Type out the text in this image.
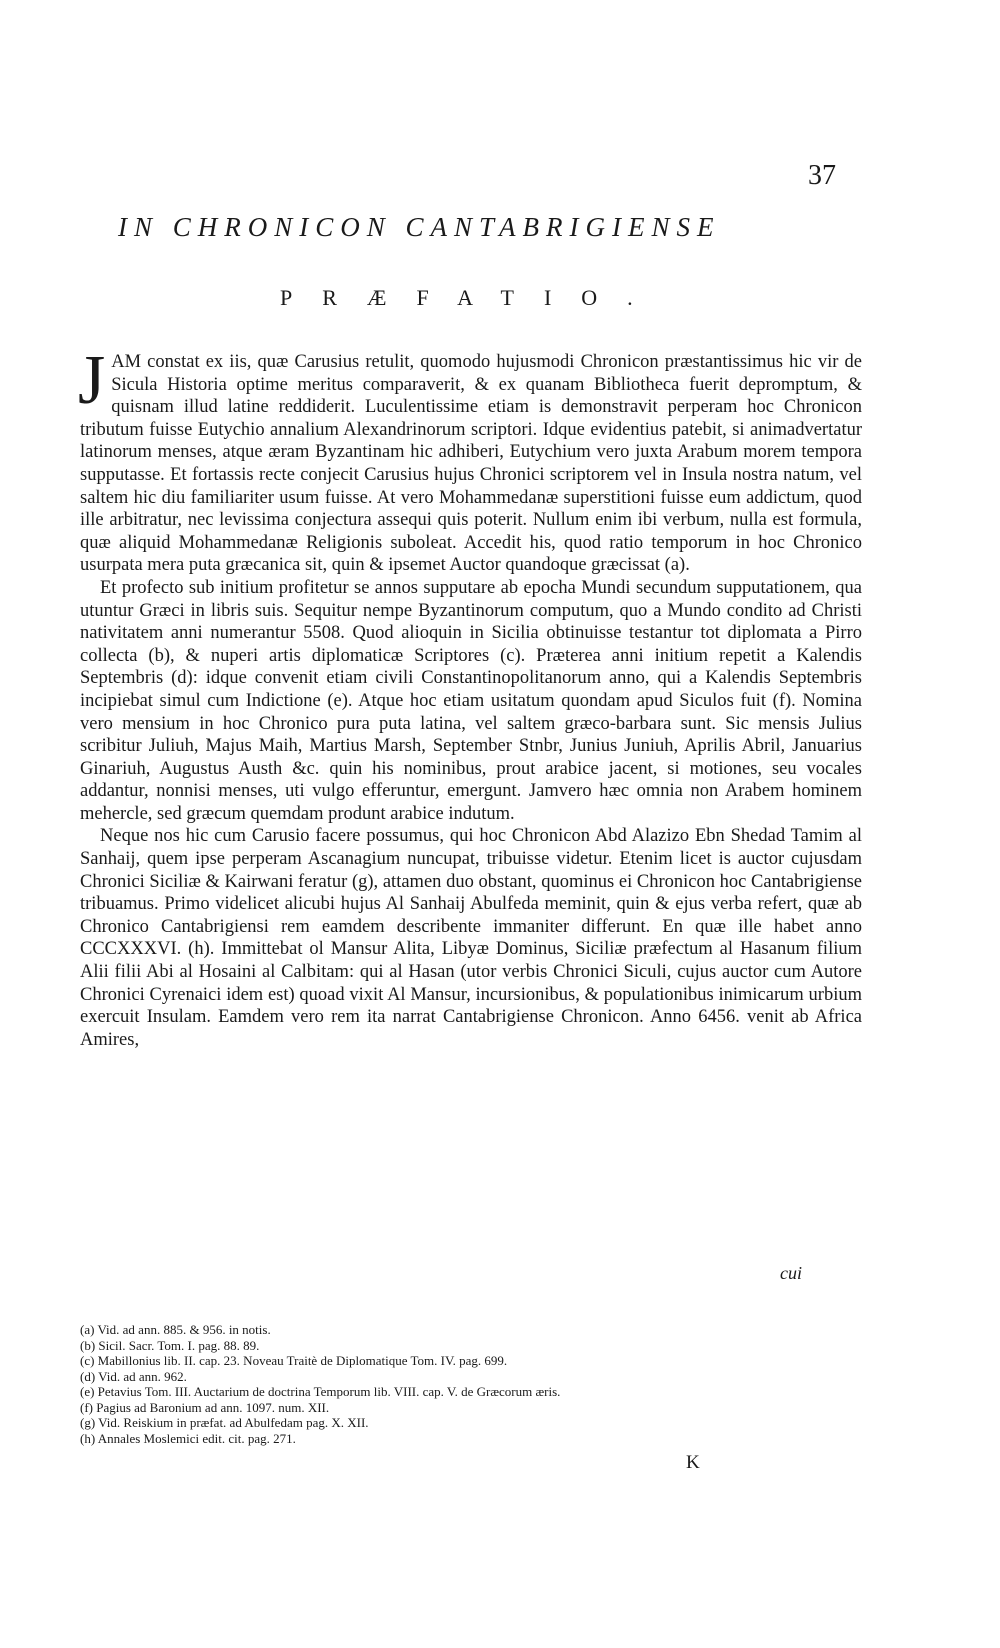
37
IN CHRONICON CANTABRIGIENSE
PRÆFATIO.

JAM constat ex iis, quæ Carusius retulit, quomodo hujusmodi Chronicon præstantissimus hic vir de Sicula Historia optime meritus comparaverit, & ex quanam Bibliotheca fuerit depromptum, & quisnam illud latine reddiderit. Luculentissime etiam is demonstravit perperam hoc Chronicon tributum fuisse Eutychio annalium Alexandrinorum scriptori. Idque evidentius patebit, si animadvertatur latinorum menses, atque æram Byzantinam hic adhiberi, Eutychium vero juxta Arabum morem tempora supputasse. Et fortassis recte conjecit Carusius hujus Chronici scriptorem vel in Insula nostra natum, vel saltem hic diu familiariter usum fuisse. At vero Mohammedanæ superstitioni fuisse eum addictum, quod ille arbitratur, nec levissima conjectura assequi quis poterit. Nullum enim ibi verbum, nulla est formula, quæ aliquid Mohammedanæ Religionis suboleat. Accedit his, quod ratio temporum in hoc Chronico usurpata mera puta græcanica sit, quin & ipsemet Auctor quandoque græcissat (a).

Et profecto sub initium profitetur se annos supputare ab epocha Mundi secundum supputationem, qua utuntur Græci in libris suis. Sequitur nempe Byzantinorum computum, quo a Mundo condito ad Christi nativitatem anni numerantur 5508. Quod alioquin in Sicilia obtinuisse testantur tot diplomata a Pirro collecta (b), & nuperi artis diplomaticæ Scriptores (c). Præterea anni initium repetit a Kalendis Septembris (d): idque convenit etiam civili Constantinopolitanorum anno, qui a Kalendis Septembris incipiebat simul cum Indictione (e). Atque hoc etiam usitatum quondam apud Siculos fuit (f). Nomina vero mensium in hoc Chronico pura puta latina, vel saltem græco-barbara sunt. Sic mensis Julius scribitur Juliuh, Majus Maih, Martius Marsh, September Stnbr, Junius Juniuh, Aprilis Abril, Januarius Ginariuh, Augustus Austh &c. quin his nominibus, prout arabice jacent, si motiones, seu vocales addantur, nonnisi menses, uti vulgo efferuntur, emergunt. Jamvero hæc omnia non Arabem hominem mehercle, sed græcum quemdam produnt arabice indutum.

Neque nos hic cum Carusio facere possumus, qui hoc Chronicon Abd Alazizo Ebn Shedad Tamim al Sanhaij, quem ipse perperam Ascanagium nuncupat, tribuisse videtur. Etenim licet is auctor cujusdam Chronici Siciliæ & Kairwani feratur (g), attamen duo obstant, quominus ei Chronicon hoc Cantabrigiense tribuamus. Primo videlicet alicubi hujus Al Sanhaij Abulfeda meminit, quin & ejus verba refert, quæ ab Chronico Cantabrigiensi rem eamdem describente immaniter differunt. En quæ ille habet anno CCCXXXVI. (h). Immittebat ol Mansur Alita, Libyæ Dominus, Siciliæ præfectum al Hasanum filium Alii filii Abi al Hosaini al Calbitam: qui al Hasan (utor verbis Chronici Siculi, cujus auctor cum Autore Chronici Cyrenaici idem est) quoad vixit Al Mansur, incursionibus, & populationibus inimicarum urbium exercuit Insulam. Eamdem vero rem ita narrat Cantabrigiense Chronicon. Anno 6456. venit ab Africa Amires,

cui
(a) Vid. ad ann. 885. & 956. in notis.
(b) Sicil. Sacr. Tom. I. pag. 88. 89.
(c) Mabillonius lib. II. cap. 23. Noveau Traitè de Diplomatique Tom. IV. pag. 699.
(d) Vid. ad ann. 962.
(e) Petavius Tom. III. Auctarium de doctrina Temporum lib. VIII. cap. V. de Græcorum æris.
(f) Pagius ad Baronium ad ann. 1097. num. XII.
(g) Vid. Reiskium in præfat. ad Abulfedam pag. X. XII.
(h) Annales Moslemici edit. cit. pag. 271.
K
